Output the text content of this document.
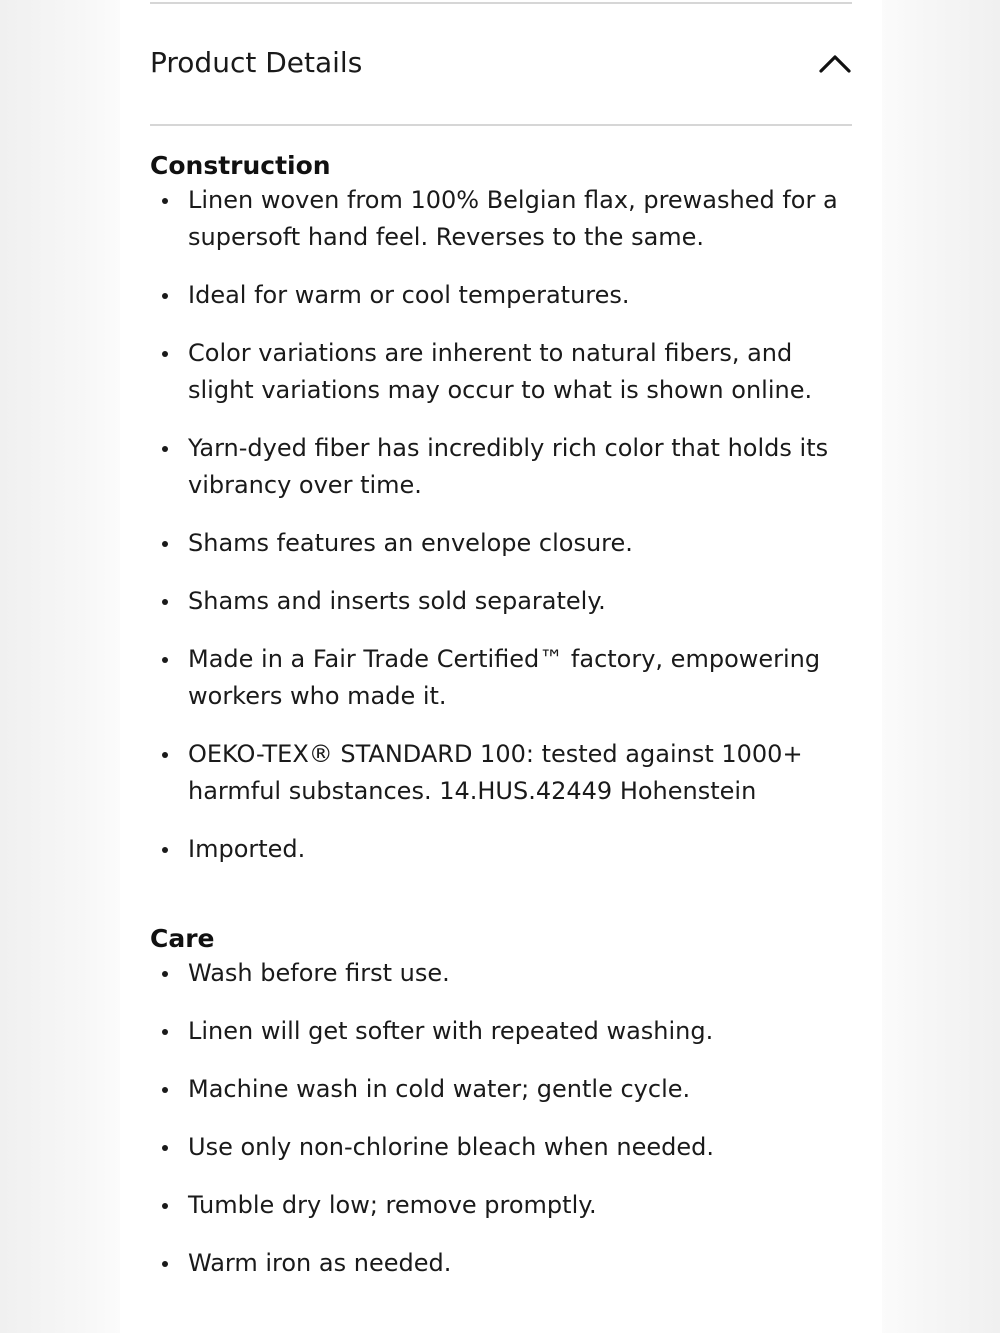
Product Details
Construction
Linen woven from 100% Belgian flax, prewashed for a supersoft hand feel. Reverses to the same.
Ideal for warm or cool temperatures.
Color variations are inherent to natural fibers, and slight variations may occur to what is shown online.
Yarn-dyed fiber has incredibly rich color that holds its vibrancy over time.
Shams features an envelope closure.
Shams and inserts sold separately.
Made in a Fair Trade Certified™ factory, empowering workers who made it.
OEKO-TEX® STANDARD 100: tested against 1000+ harmful substances. 14.HUS.42449 Hohenstein
Imported.
Care
Wash before first use.
Linen will get softer with repeated washing.
Machine wash in cold water; gentle cycle.
Use only non-chlorine bleach when needed.
Tumble dry low; remove promptly.
Warm iron as needed.
